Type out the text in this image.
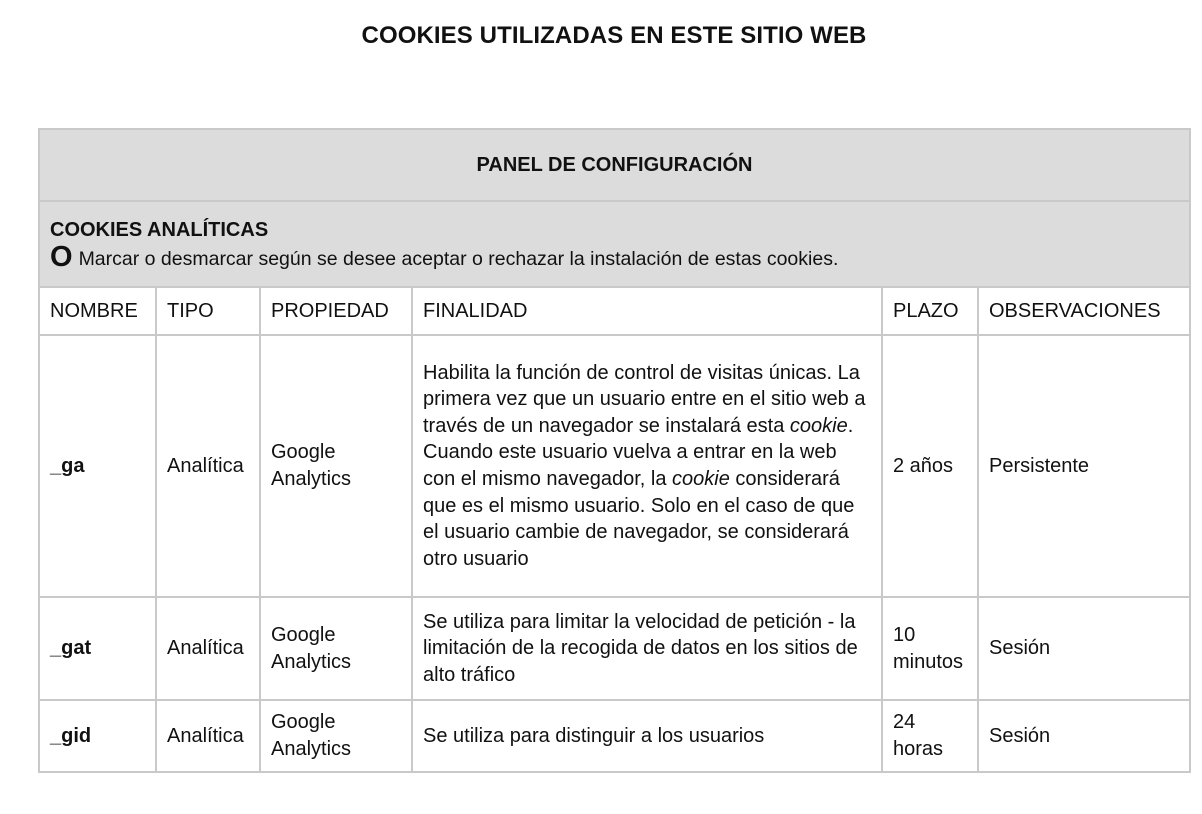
COOKIES UTILIZADAS EN ESTE SITIO WEB
PANEL DE CONFIGURACIÓN					

COOKIES ANALÍTICAS
O Marcar o desmarcar según se desee aceptar o rechazar la instalación de estas cookies.					

NOMBRE	TIPO	PROPIEDAD	FINALIDAD	PLAZO	OBSERVACIONES
_ga	Analítica	Google Analytics	Habilita la función de control de visitas únicas. La primera vez que un usuario entre en el sitio web a través de un navegador se instalará esta cookie. Cuando este usuario vuelva a entrar en la web con el mismo navegador, la cookie considerará que es el mismo usuario. Solo en el caso de que el usuario cambie de navegador, se considerará otro usuario	2 años	Persistente
_gat	Analítica	Google Analytics	Se utiliza para limitar la velocidad de petición - la limitación de la recogida de datos en los sitios de alto tráfico	10 minutos	Sesión
_gid	Analítica	Google Analytics	Se utiliza para distinguir a los usuarios	24 horas	Sesión
